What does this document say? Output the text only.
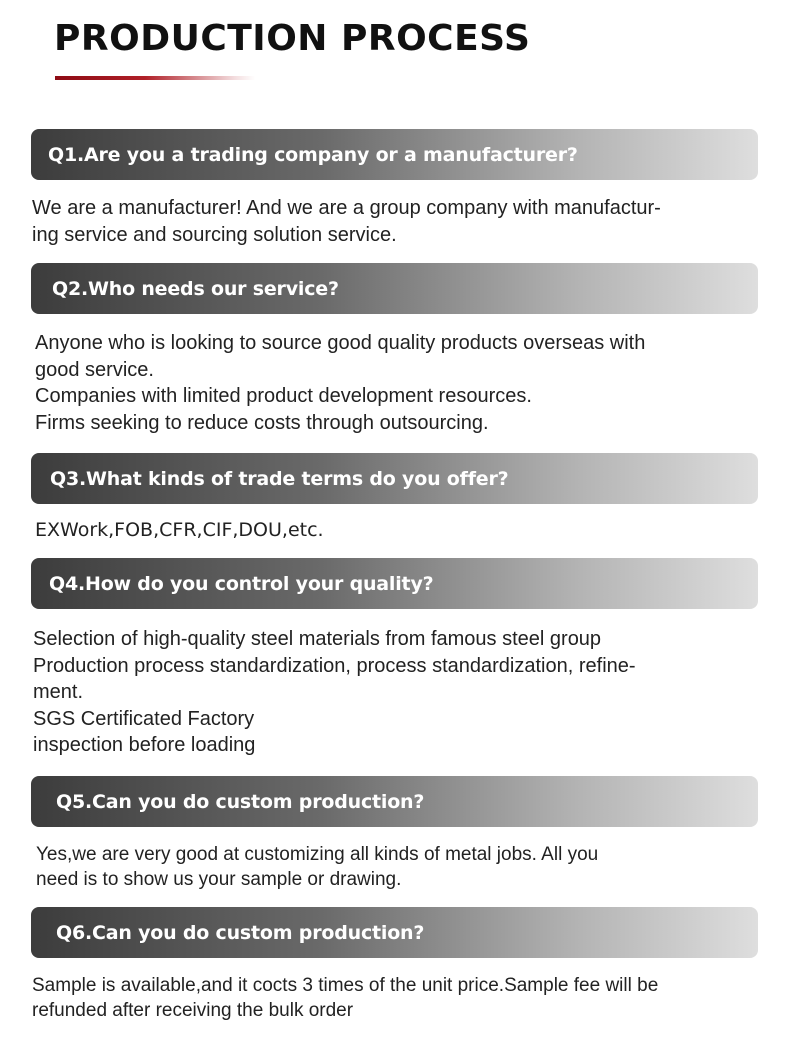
PRODUCTION PROCESS
Q1.Are you a trading company or a manufacturer?

We are a manufacturer! And we are a group company with manufactur-

ing service and sourcing solution service.

Q2.Who needs our service?

Anyone who is looking to source good quality products overseas with

good service.

Companies with limited product development resources.

Firms seeking to reduce costs through outsourcing.

Q3.What kinds of trade terms do you offer?

EXWork,FOB,CFR,CIF,DOU,etc.

Q4.How do you control your quality?

Selection of high-quality steel materials from famous steel group

Production process standardization, process standardization, refine-

ment.

SGS Certificated Factory

inspection before loading

Q5.Can you do custom production?

Yes,we are very good at customizing all kinds of metal jobs. All you

need is to show us your sample or drawing.

Q6.Can you do custom production?

Sample is available,and it cocts 3 times of the unit price.Sample fee will be

refunded after receiving the bulk order
